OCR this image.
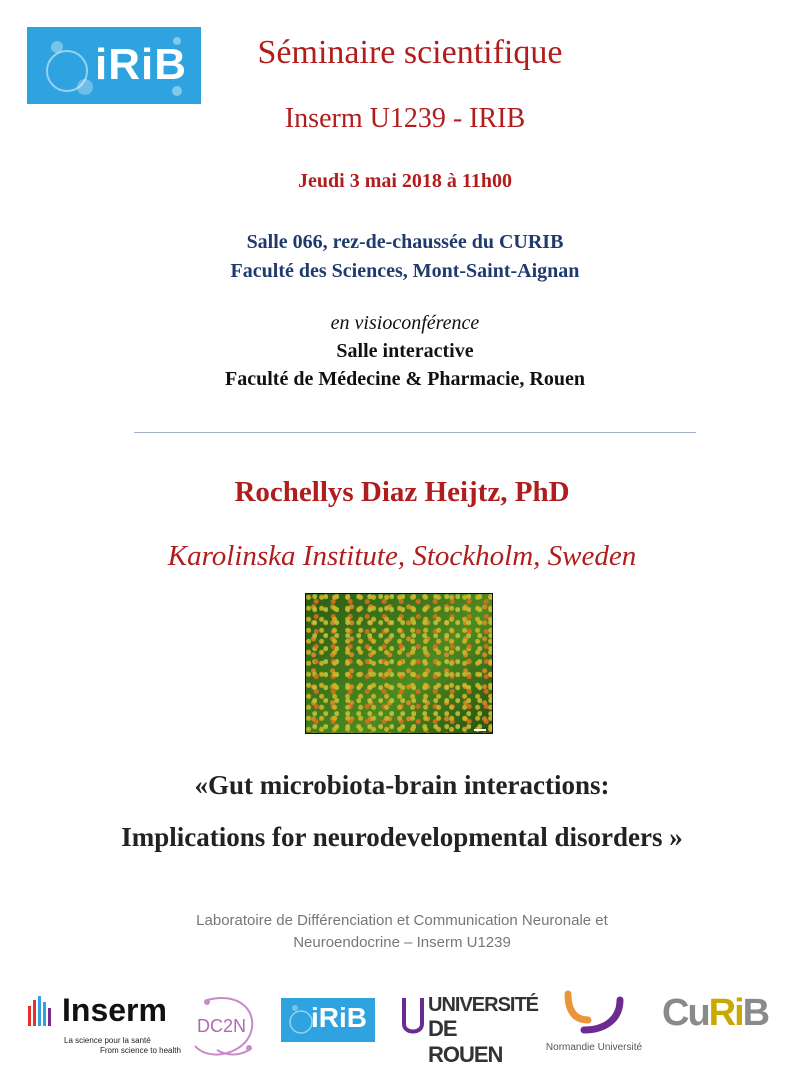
iRiB	Séminaire scientifique
Inserm U1239 - IRIB
Jeudi 3 mai 2018 à 11h00
Salle 066, rez-de-chaussée du CURIB
Faculté des Sciences, Mont-Saint-Aignan
en visioconférence
Salle interactive
Faculté de Médecine & Pharmacie, Rouen
Rochellys Diaz Heijtz, PhD
Karolinska Institute, Stockholm, Sweden
«Gut microbiota-brain interactions:
Implications for neurodevelopmental disorders »
Laboratoire de Différenciation et Communication Neuronale et
Neuroendocrine – Inserm U1239
Inserm
La science pour la santé
From science to health
DC2N iRiB	UNIVERSITÉ
DE ROUEN	Normandie Université
CuRiB
